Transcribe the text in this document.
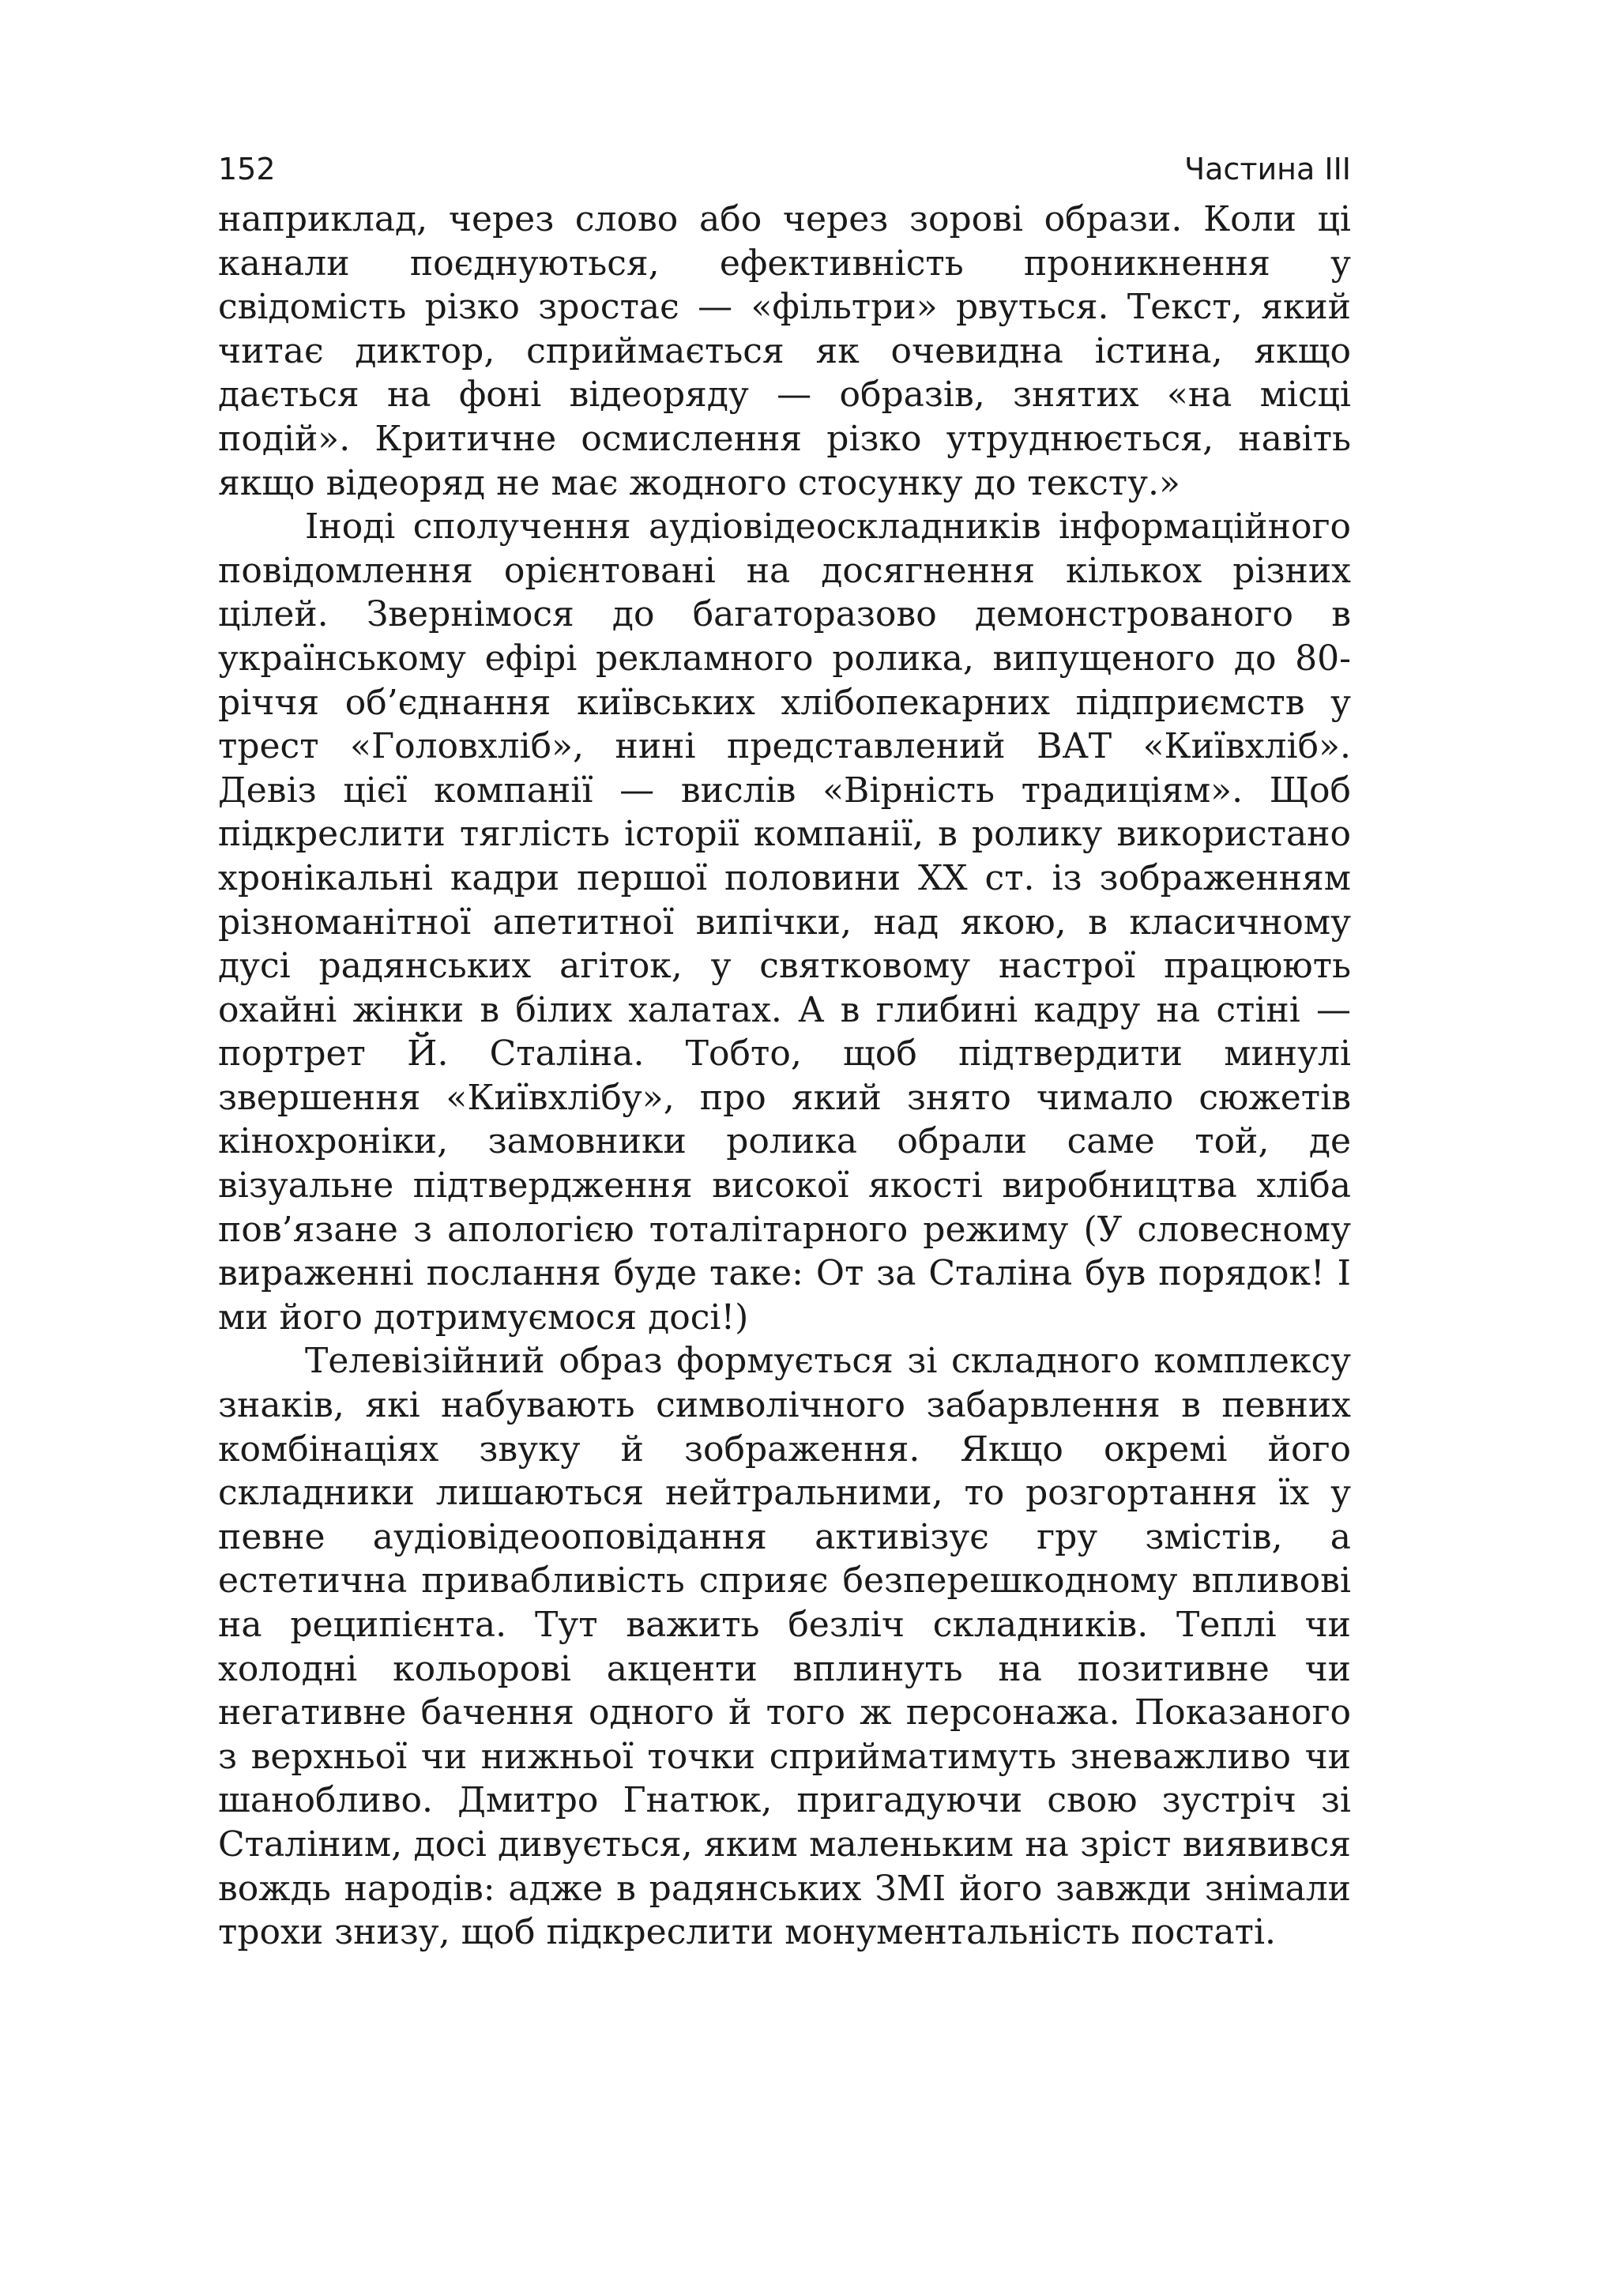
152	Частина III

наприклад, через слово або через зорові образи. Коли ці канали поєднуються, ефективність проникнення у свідомість різко зростає — «фільтри» рвуться. Текст, який читає диктор, сприймається як очевидна істина, якщо дається на фоні відеоряду — образів, знятих «на місці подій». Критичне осмислення різко утруднюється, навіть якщо відеоряд не має жодного стосунку до тексту.»

Іноді сполучення аудіовідеоскладників інформаційного повідомлення орієнтовані на досягнення кількох різних цілей. Звернімося до багаторазово демонстрованого в українському ефірі рекламного ролика, випущеного до 80-річчя об’єднання київських хлібопекарних підприємств у трест «Головхліб», нині представлений ВАТ «Київхліб». Девіз цієї компанії — вислів «Вірність традиціям». Щоб підкреслити тяглість історії компанії, в ролику використано хронікальні кадри першої половини ХХ ст. із зображенням різноманітної апетитної випічки, над якою, в класичному дусі радянських агіток, у святковому настрої працюють охайні жінки в білих халатах. А в глибині кадру на стіні — портрет Й. Сталіна. Тобто, щоб підтвердити минулі звершення «Київхлібу», про який знято чимало сюжетів кінохроніки, замовники ролика обрали саме той, де візуальне підтвердження високої якості виробництва хліба пов’язане з апологією тоталітарного режиму (У словесному вираженні послання буде таке: От за Сталіна був порядок! І ми його дотримуємося досі!)

Телевізійний образ формується зі складного комплексу знаків, які набувають символічного забарвлення в певних комбінаціях звуку й зображення. Якщо окремі його складники лишаються нейтральними, то розгортання їх у певне аудіовідеооповідання активізує гру змістів, а естетична привабливість сприяє безперешкодному впливові на реципієнта. Тут важить безліч складників. Теплі чи холодні кольорові акценти вплинуть на позитивне чи негативне бачення одного й того ж персонажа. Показаного з верхньої чи нижньої точки сприйматимуть зневажливо чи шанобливо. Дмитро Гнатюк, пригадуючи свою зустріч зі Сталіним, досі дивується, яким маленьким на зріст виявився вождь народів: адже в радянських ЗМІ його завжди знімали трохи знизу, щоб підкреслити монументальність постаті.
